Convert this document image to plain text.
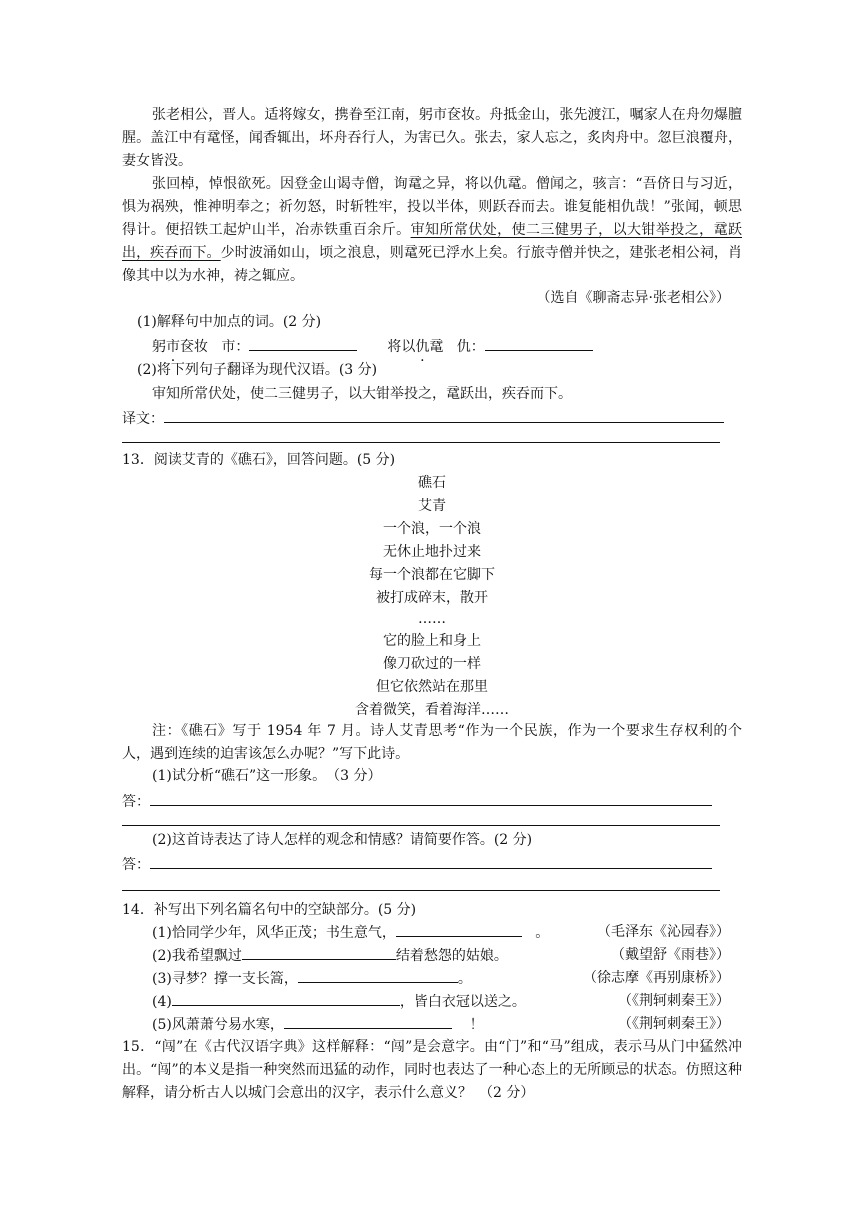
张老相公，晋人。适将嫁女，携眷至江南，躬市奁妆。舟抵金山，张先渡江，嘱家人在舟勿爆膻腥。盖江中有鼋怪，闻香辄出，坏舟吞行人，为害已久。张去，家人忘之，炙肉舟中。忽巨浪覆舟，妻女皆没。

张回棹，悼恨欲死。因登金山谒寺僧，询鼋之异，将以仇鼋。僧闻之，骇言：“吾侪日与习近，惧为祸殃，惟神明奉之；祈勿怒，时斩牲牢，投以半体，则跃吞而去。谁复能相仇哉！”张闻，顿思得计。便招铁工起炉山半，冶赤铁重百余斤。审知所常伏处，使二三健男子，以大钳举投之，鼋跃出，疾吞而下。少时波涌如山，顷之浪息，则鼋死已浮水上矣。行旅寺僧并快之，建张老相公祠，肖像其中以为水神，祷之辄应。

（选自《聊斋志异·张老相公》）
(1)解释句中加点的词。(2 分)
躬市奁妆 市：	将以仇鼋 仇：
(2)将下列句子翻译为现代汉语。(3 分)
审知所常伏处，使二三健男子，以大钳举投之，鼋跃出，疾吞而下。
译文：
13．阅读艾青的《礁石》，回答问题。(5 分)
礁石
艾青
一个浪，一个浪
无休止地扑过来
每一个浪都在它脚下
被打成碎末，散开
……
它的脸上和身上
像刀砍过的一样
但它依然站在那里
含着微笑，看着海洋……

注：《礁石》写于 1954 年 7 月。诗人艾青思考“作为一个民族，作为一个要求生存权利的个人，遇到连续的迫害该怎么办呢？”写下此诗。

(1)试分析“礁石”这一形象。　（3 分）
答：
(2)这首诗表达了诗人怎样的观念和情感？请简要作答。(2 分)
答：
14．补写出下列名篇名句中的空缺部分。(5 分)
(1)恰同学少年，风华正茂；书生意气，	。	（毛泽东《沁园春》）
(2)我希望飘过	结着愁怨的姑娘。	（戴望舒《雨巷》）
(3)寻梦？撑一支长篙，	。	（徐志摩《再别康桥》）
(4)	，皆白衣冠以送之。	（《荆轲刺秦王》）
(5)风萧萧兮易水寒，	！	（《荆轲刺秦王》）

15．“闯”在《古代汉语字典》这样解释：“闯”是会意字。由“门”和“马”组成，表示马从门中猛然冲出。“闯”的本义是指一种突然而迅猛的动作，同时也表达了一种心态上的无所顾忌的状态。仿照这种解释，请分析古人以城门会意出的汉字，表示什么意义？　（2 分）
